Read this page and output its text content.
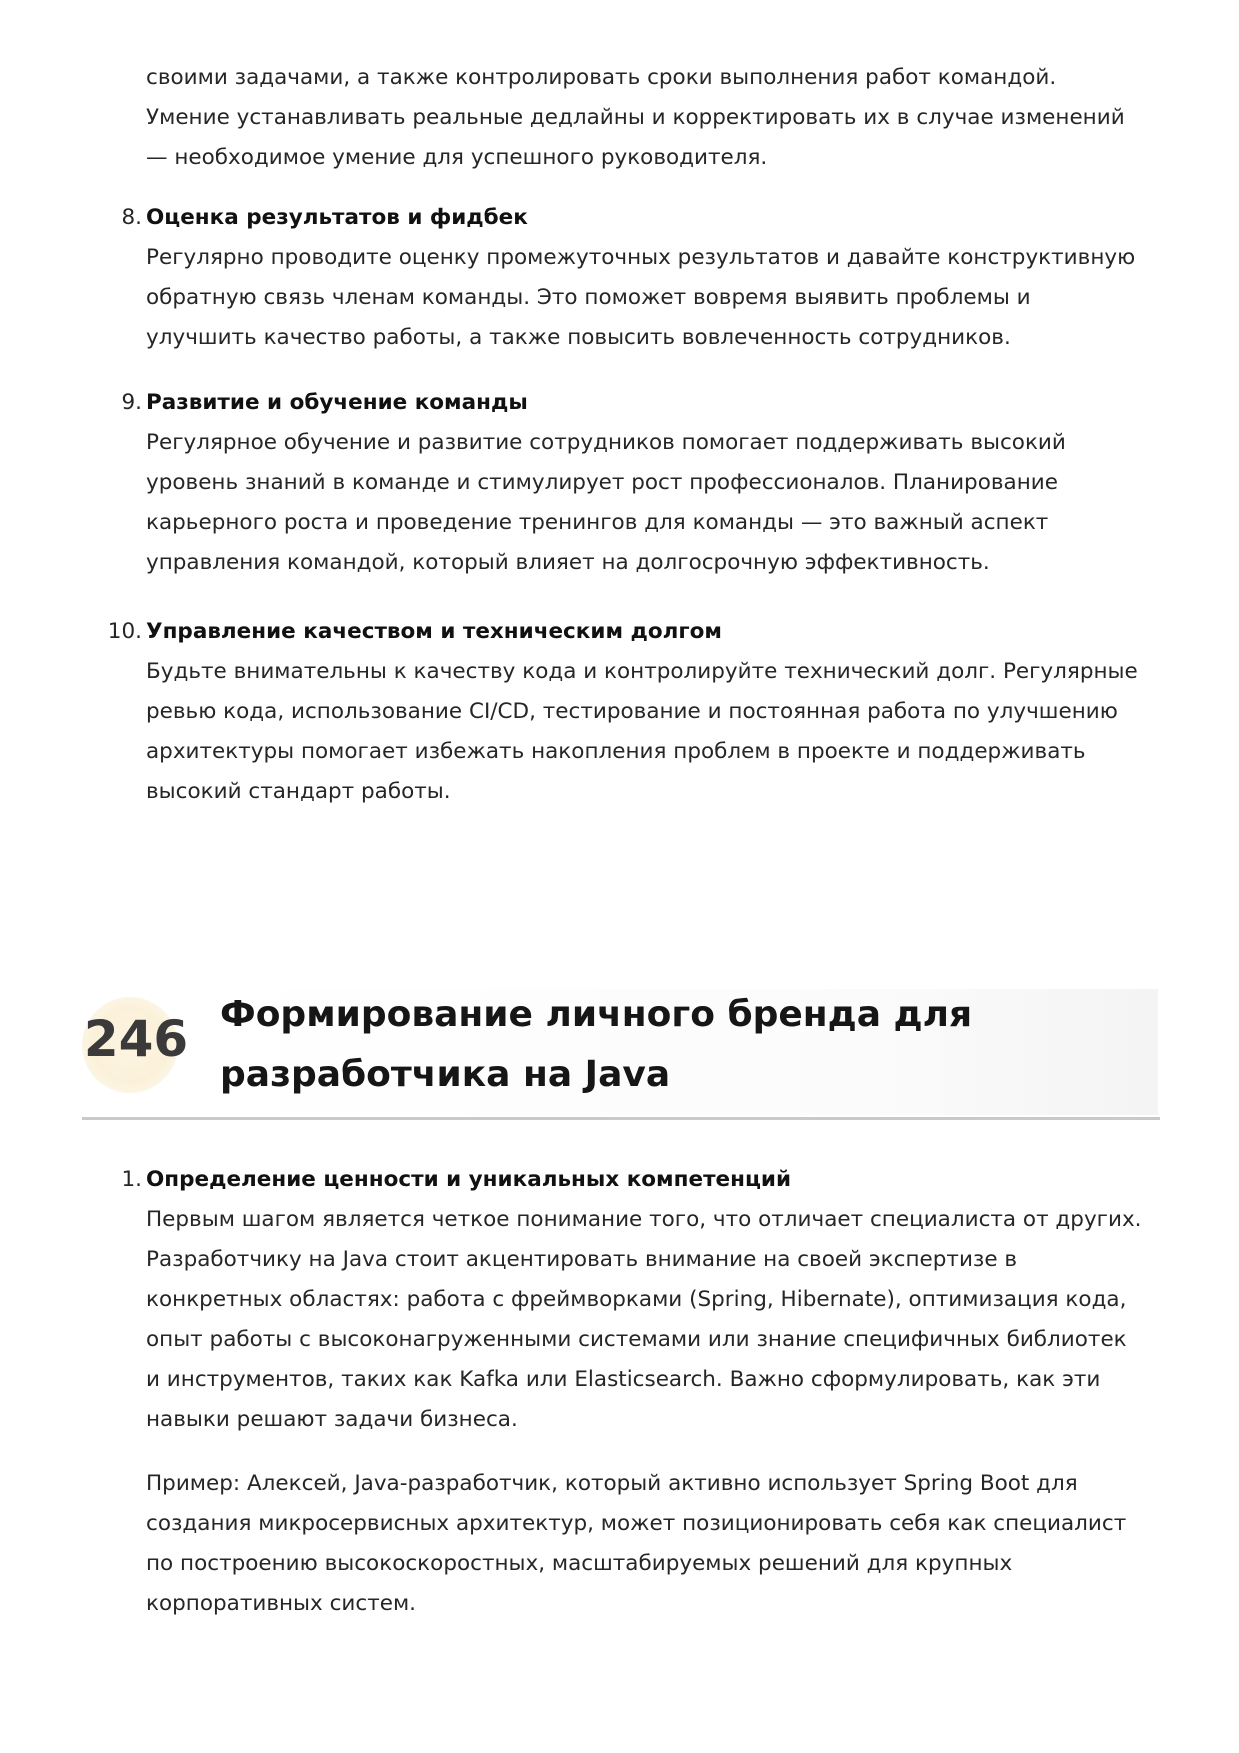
своими задачами, а также контролировать сроки выполнения работ командой. Умение устанавливать реальные дедлайны и корректировать их в случае изменений — необходимое умение для успешного руководителя.

8. Оценка результатов и фидбек
Регулярно проводите оценку промежуточных результатов и давайте конструктивную обратную связь членам команды. Это поможет вовремя выявить проблемы и улучшить качество работы, а также повысить вовлеченность сотрудников.
9. Развитие и обучение команды
Регулярное обучение и развитие сотрудников помогает поддерживать высокий уровень знаний в команде и стимулирует рост профессионалов. Планирование карьерного роста и проведение тренингов для команды — это важный аспект управления командой, который влияет на долгосрочную эффективность.
10. Управление качеством и техническим долгом
Будьте внимательны к качеству кода и контролируйте технический долг. Регулярные ревью кода, использование CI/CD, тестирование и постоянная работа по улучшению архитектуры помогает избежать накопления проблем в проекте и поддерживать высокий стандарт работы.
246 Формирование личного бренда для разработчика на Java
1. Определение ценности и уникальных компетенций
Первым шагом является четкое понимание того, что отличает специалиста от других. Разработчику на Java стоит акцентировать внимание на своей экспертизе в конкретных областях: работа с фреймворками (Spring, Hibernate), оптимизация кода, опыт работы с высоконагруженными системами или знание специфичных библиотек и инструментов, таких как Kafka или Elasticsearch. Важно сформулировать, как эти навыки решают задачи бизнеса.
Пример: Алексей, Java-разработчик, который активно использует Spring Boot для создания микросервисных архитектур, может позиционировать себя как специалист по построению высокоскоростных, масштабируемых решений для крупных корпоративных систем.
